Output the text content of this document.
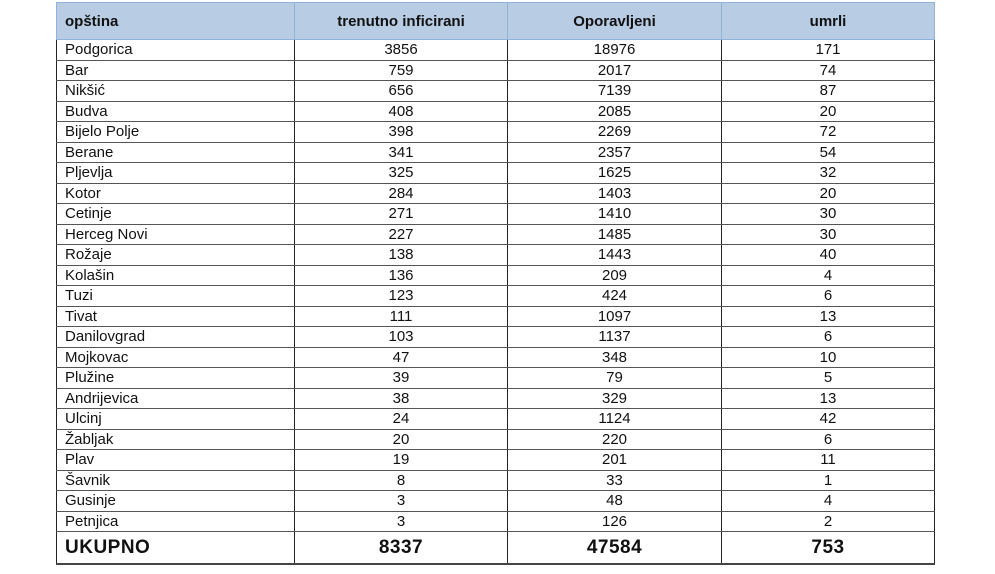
opština	trenutno inficirani	Oporavljeni	umrli
Podgorica	3856	18976	171
Bar	759	2017	74
Nikšić	656	7139	87
Budva	408	2085	20
Bijelo Polje	398	2269	72
Berane	341	2357	54
Pljevlja	325	1625	32
Kotor	284	1403	20
Cetinje	271	1410	30
Herceg Novi	227	1485	30
Rožaje	138	1443	40
Kolašin	136	209	4
Tuzi	123	424	6
Tivat	111	1097	13
Danilovgrad	103	1137	6
Mojkovac	47	348	10
Plužine	39	79	5
Andrijevica	38	329	13
Ulcinj	24	1124	42
Žabljak	20	220	6
Plav	19	201	11
Šavnik	8	33	1
Gusinje	3	48	4
Petnjica	3	126	2
UKUPNO	8337	47584	753
